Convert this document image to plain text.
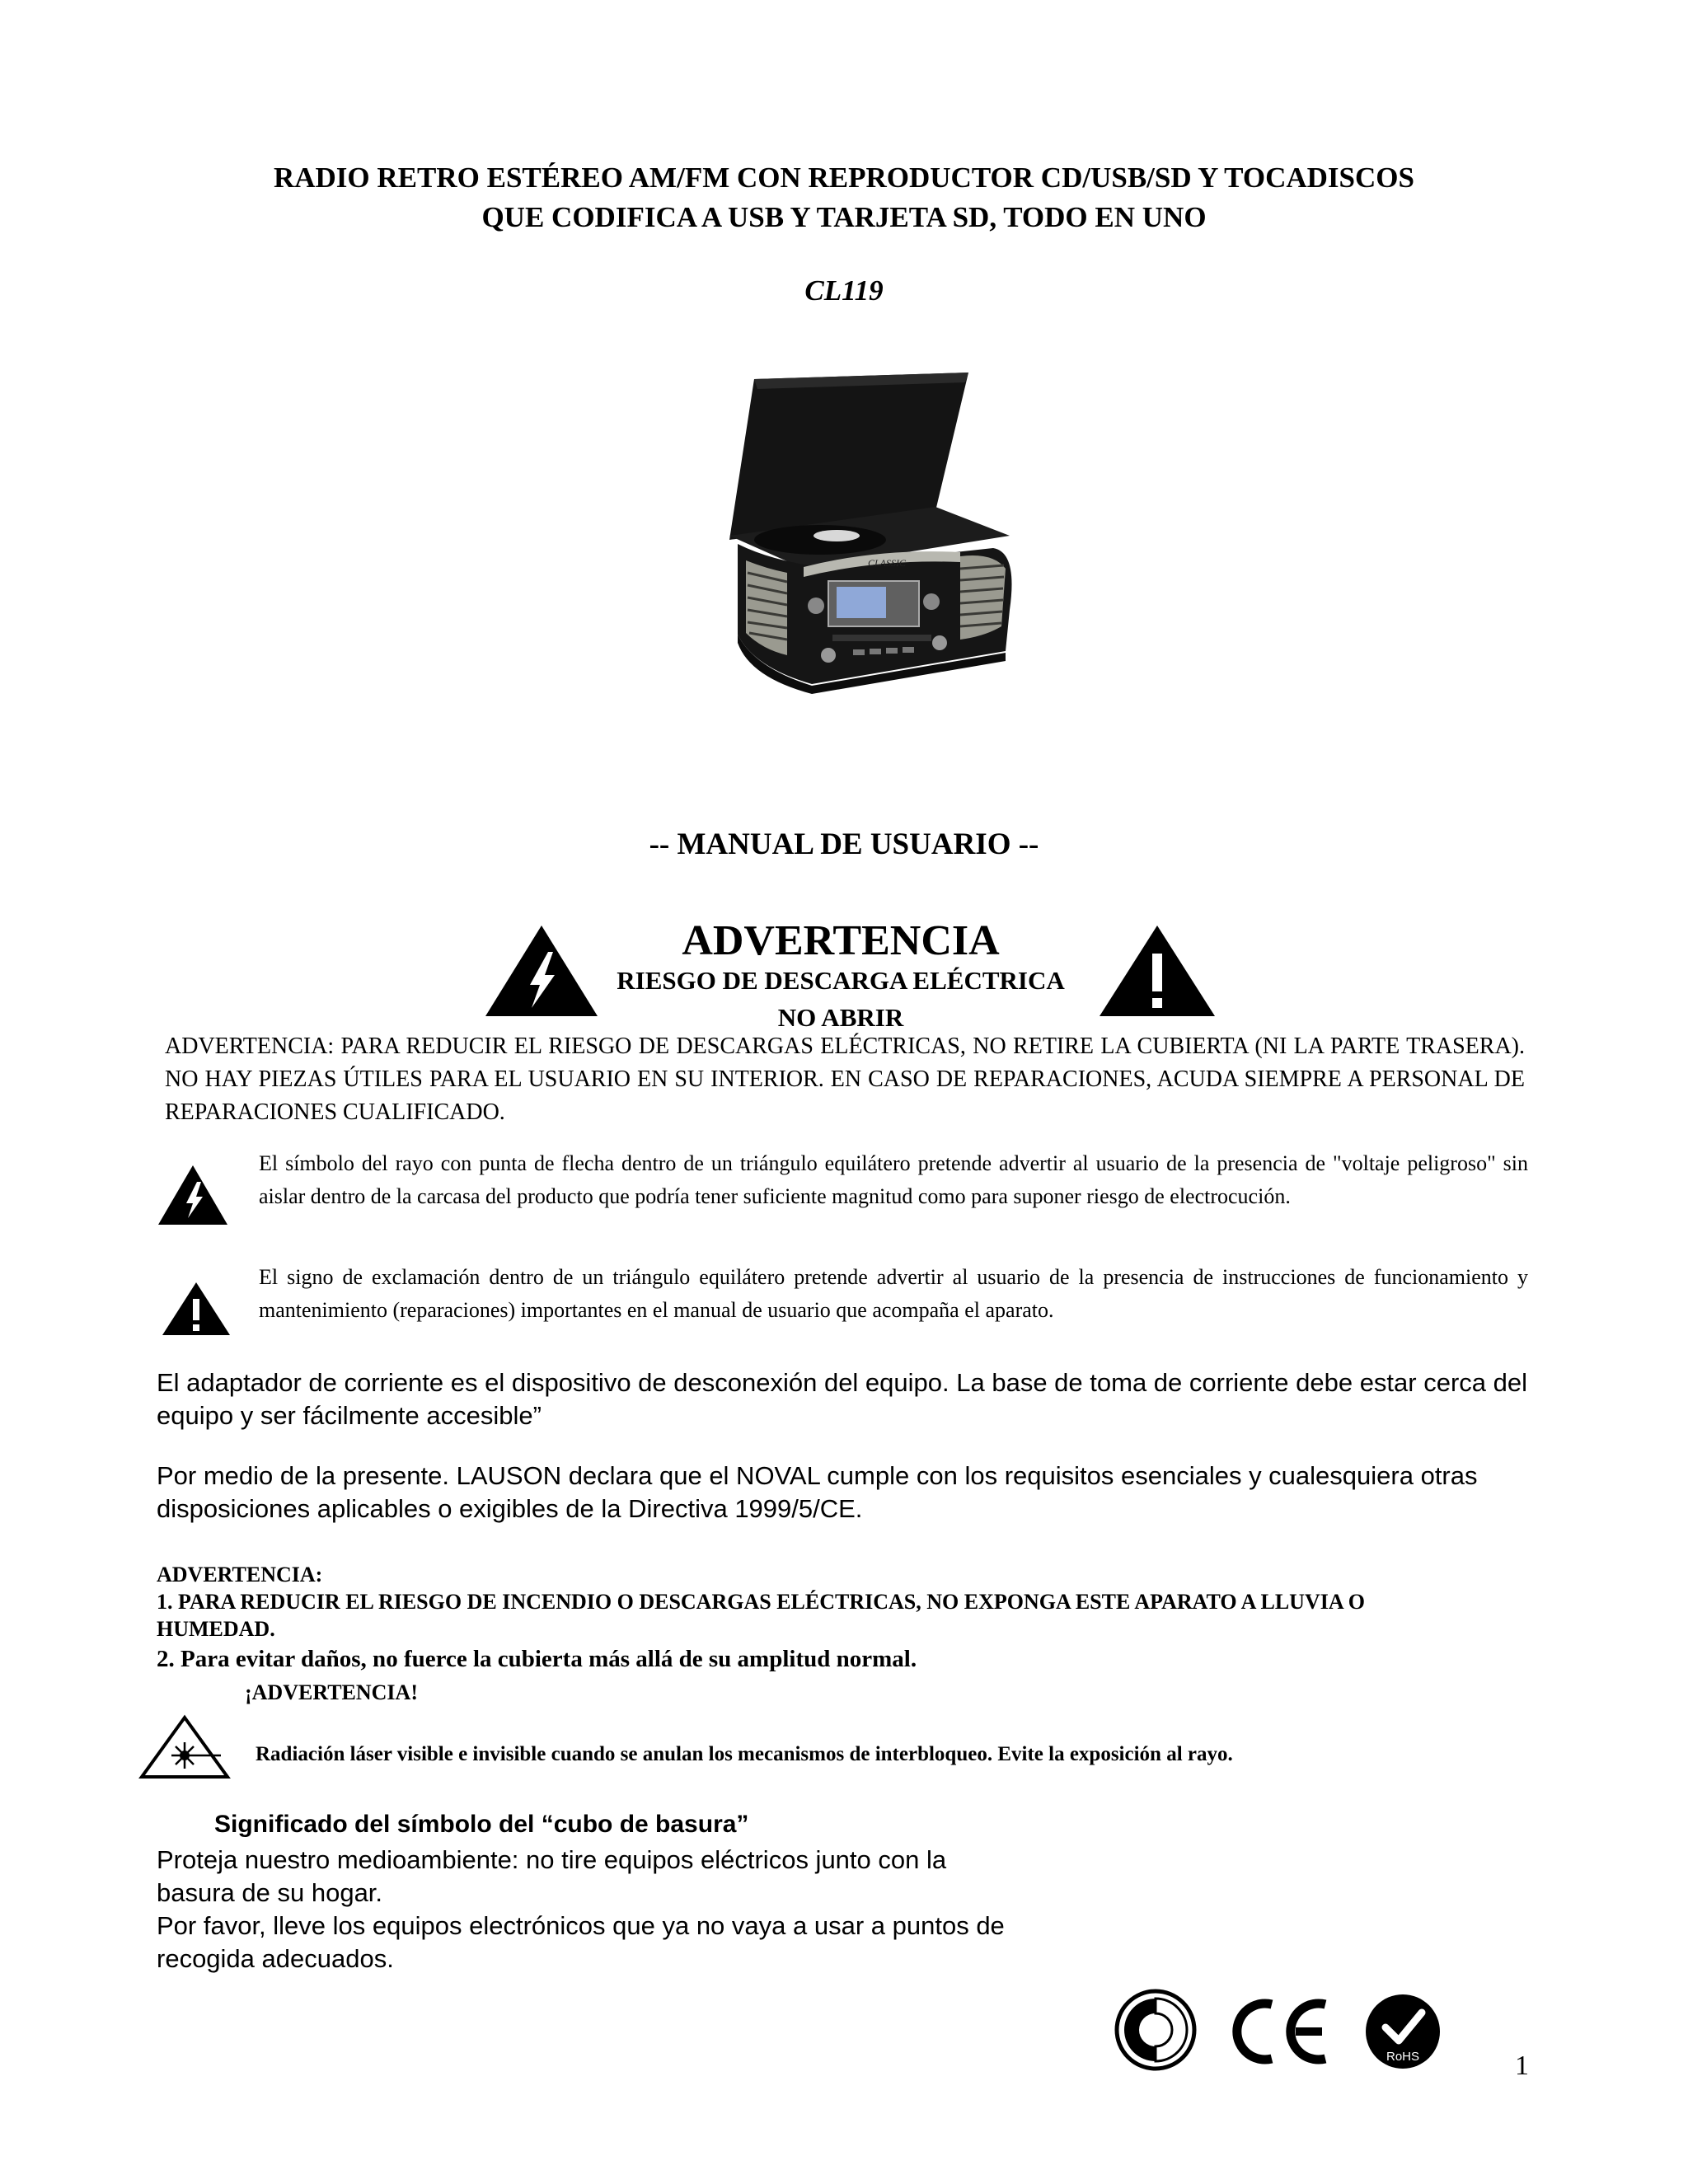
RADIO RETRO ESTÉREO AM/FM CON REPRODUCTOR CD/USB/SD Y TOCADISCOS
QUE CODIFICA A USB Y TARJETA SD, TODO EN UNO
CL119
CLASSIC
-- MANUAL DE USUARIO --
ADVERTENCIA
RIESGO DE DESCARGA ELÉCTRICA
NO ABRIR
ADVERTENCIA: PARA REDUCIR EL RIESGO DE DESCARGAS ELÉCTRICAS, NO RETIRE LA CUBIERTA (NI LA PARTE TRASERA). NO HAY PIEZAS ÚTILES PARA EL USUARIO EN SU INTERIOR. EN CASO DE REPARACIONES, ACUDA SIEMPRE A PERSONAL DE REPARACIONES CUALIFICADO.
El símbolo del rayo con punta de flecha dentro de un triángulo equilátero pretende advertir al usuario de la presencia de "voltaje peligroso" sin aislar dentro de la carcasa del producto que podría tener suficiente magnitud como para suponer riesgo de electrocución.
El signo de exclamación dentro de un triángulo equilátero pretende advertir al usuario de la presencia de instrucciones de funcionamiento y mantenimiento (reparaciones) importantes en el manual de usuario que acompaña el aparato.
El adaptador de corriente es el dispositivo de desconexión del equipo. La base de toma de corriente debe estar cerca del equipo y ser fácilmente accesible”
Por medio de la presente. LAUSON declara que el NOVAL cumple con los requisitos esenciales y cualesquiera otras disposiciones aplicables o exigibles de la Directiva 1999/5/CE.
ADVERTENCIA:
1. PARA REDUCIR EL RIESGO DE INCENDIO O DESCARGAS ELÉCTRICAS, NO EXPONGA ESTE APARATO A LLUVIA O HUMEDAD.
2. Para evitar daños, no fuerce la cubierta más allá de su amplitud normal.
¡ADVERTENCIA!
Radiación láser visible e invisible cuando se anulan los mecanismos de interbloqueo. Evite la exposición al rayo.
Significado del símbolo del “cubo de basura”
Proteja nuestro medioambiente: no tire equipos eléctricos junto con la basura de su hogar.
Por favor, lleve los equipos electrónicos que ya no vaya a usar a puntos de recogida adecuados.
RoHS	1
